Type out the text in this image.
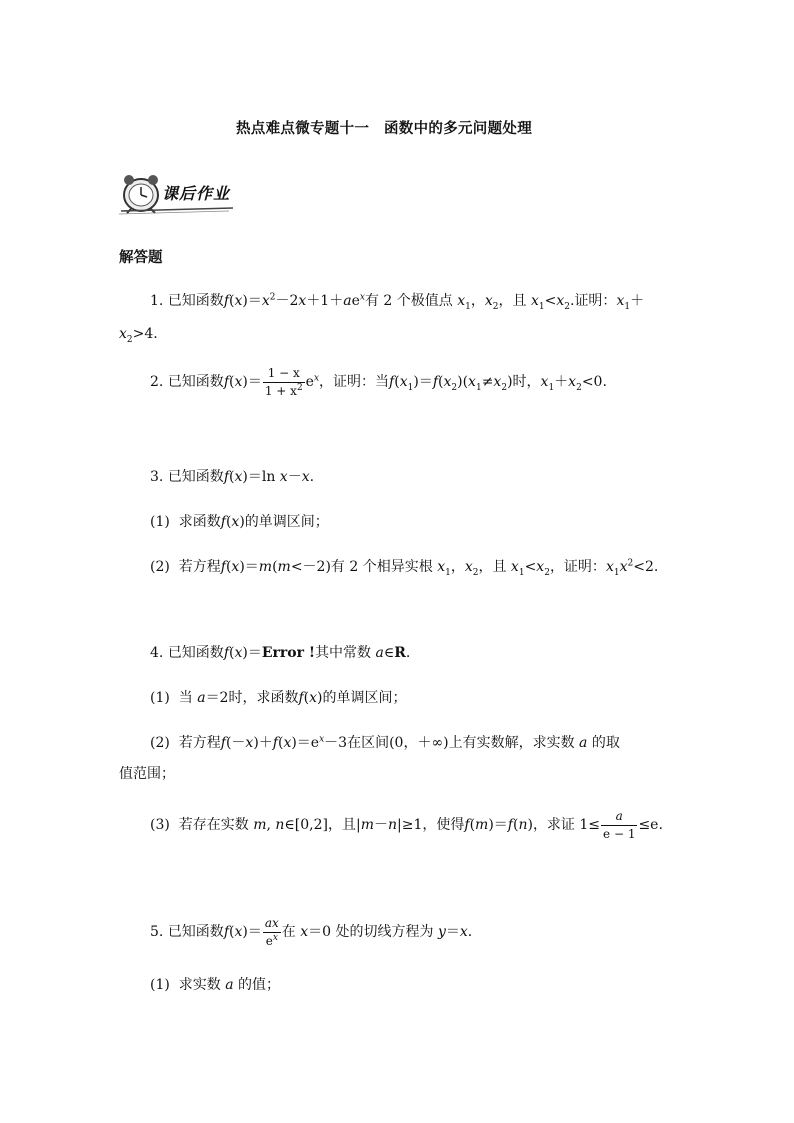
热点难点微专题十一　函数中的多元问题处理
课后作业
解答题
1. 已知函数$f(x)=x^2-2x+1+ae^x$有 2 个极值点 $x_1$，$x_2$，且 $x_1<x_2$.证明：$x_1+$
$x_2>4$.
2. 已知函数$f(x)= \frac{1 - x}{1 + x^2} e^x$，证明：当$f(x_1)=f(x_2)(x_1\ne x_2)$时，$x_1+x_2<0$.
3. 已知函数f(x)＝ln x－x.
(1) 求函数f(x)的单调区间；
(2) 若方程f(x)＝m(m<－2)有 2 个相异实根 $x_1$，$x_2$，且 $x_1<x_2$，证明：$x_1x^2<2$.
4. 已知函数f(x)＝Error !其中常数 a∈R.
(1) 当 a＝2时，求函数f(x)的单调区间；
(2) 若方程$f(-x)+f(x)=e^x-3$在区间(0，＋∞)上有实数解，求实数 a 的取
值范围；
(3) 若存在实数 m, n∈[0,2]，且|m－n|≥1，使得f(m)＝f(n)，求证 $1\le \frac{a}{e - 1} \le e$.
5. 已知函数$f(x)= \frac{ax}{e^x}$ 在 x＝0 处的切线方程为 y＝x.
(1) 求实数 a 的值；
